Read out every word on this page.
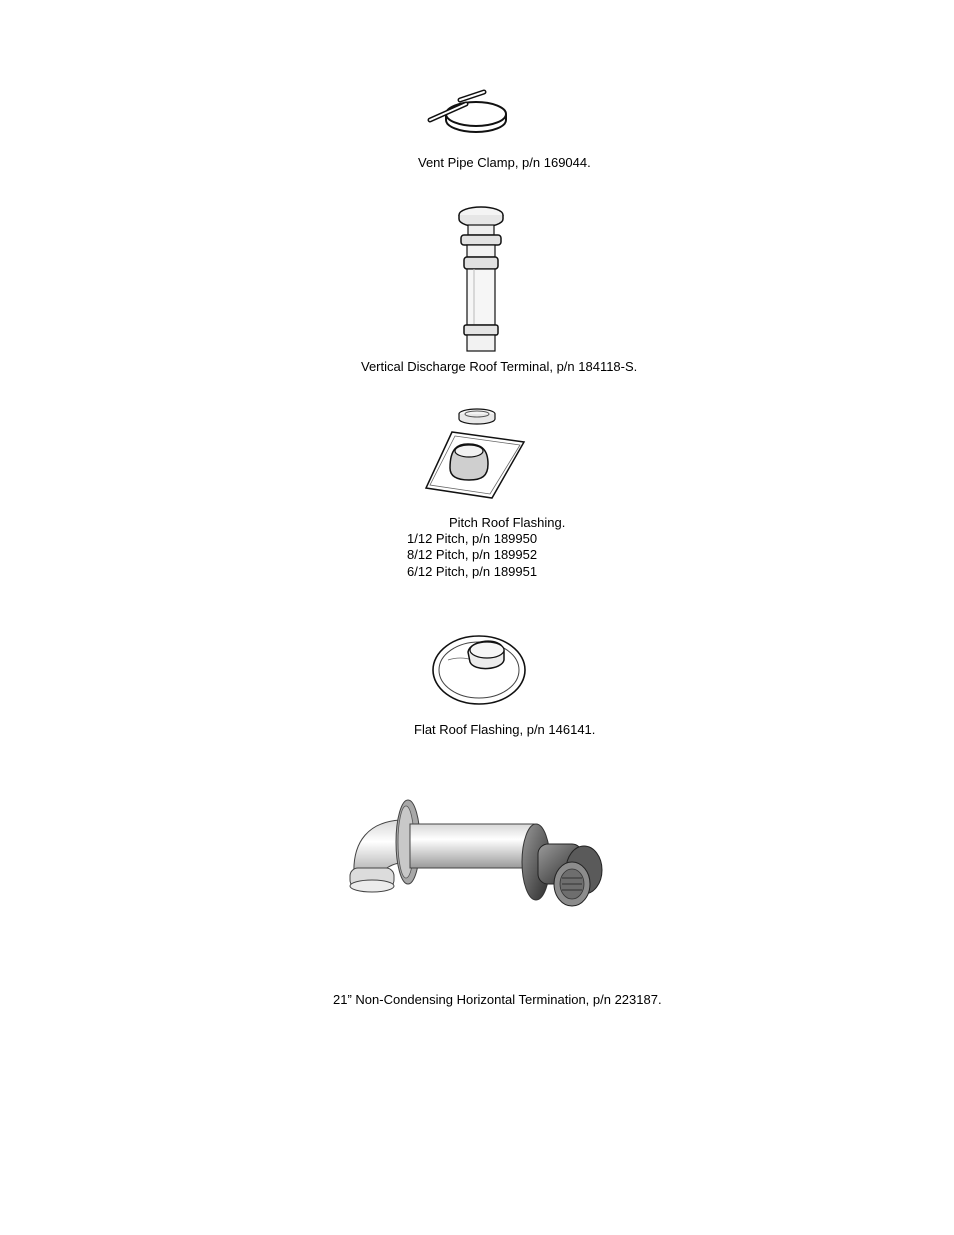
Vent Pipe Clamp, p/n 169044.
Vertical Discharge Roof Terminal, p/n 184118-S.
Pitch Roof Flashing.
1/12 Pitch, p/n 189950
8/12 Pitch, p/n 189952
6/12 Pitch, p/n 189951
Flat Roof Flashing, p/n 146141.
21” Non-Condensing Horizontal Termination, p/n 223187.
